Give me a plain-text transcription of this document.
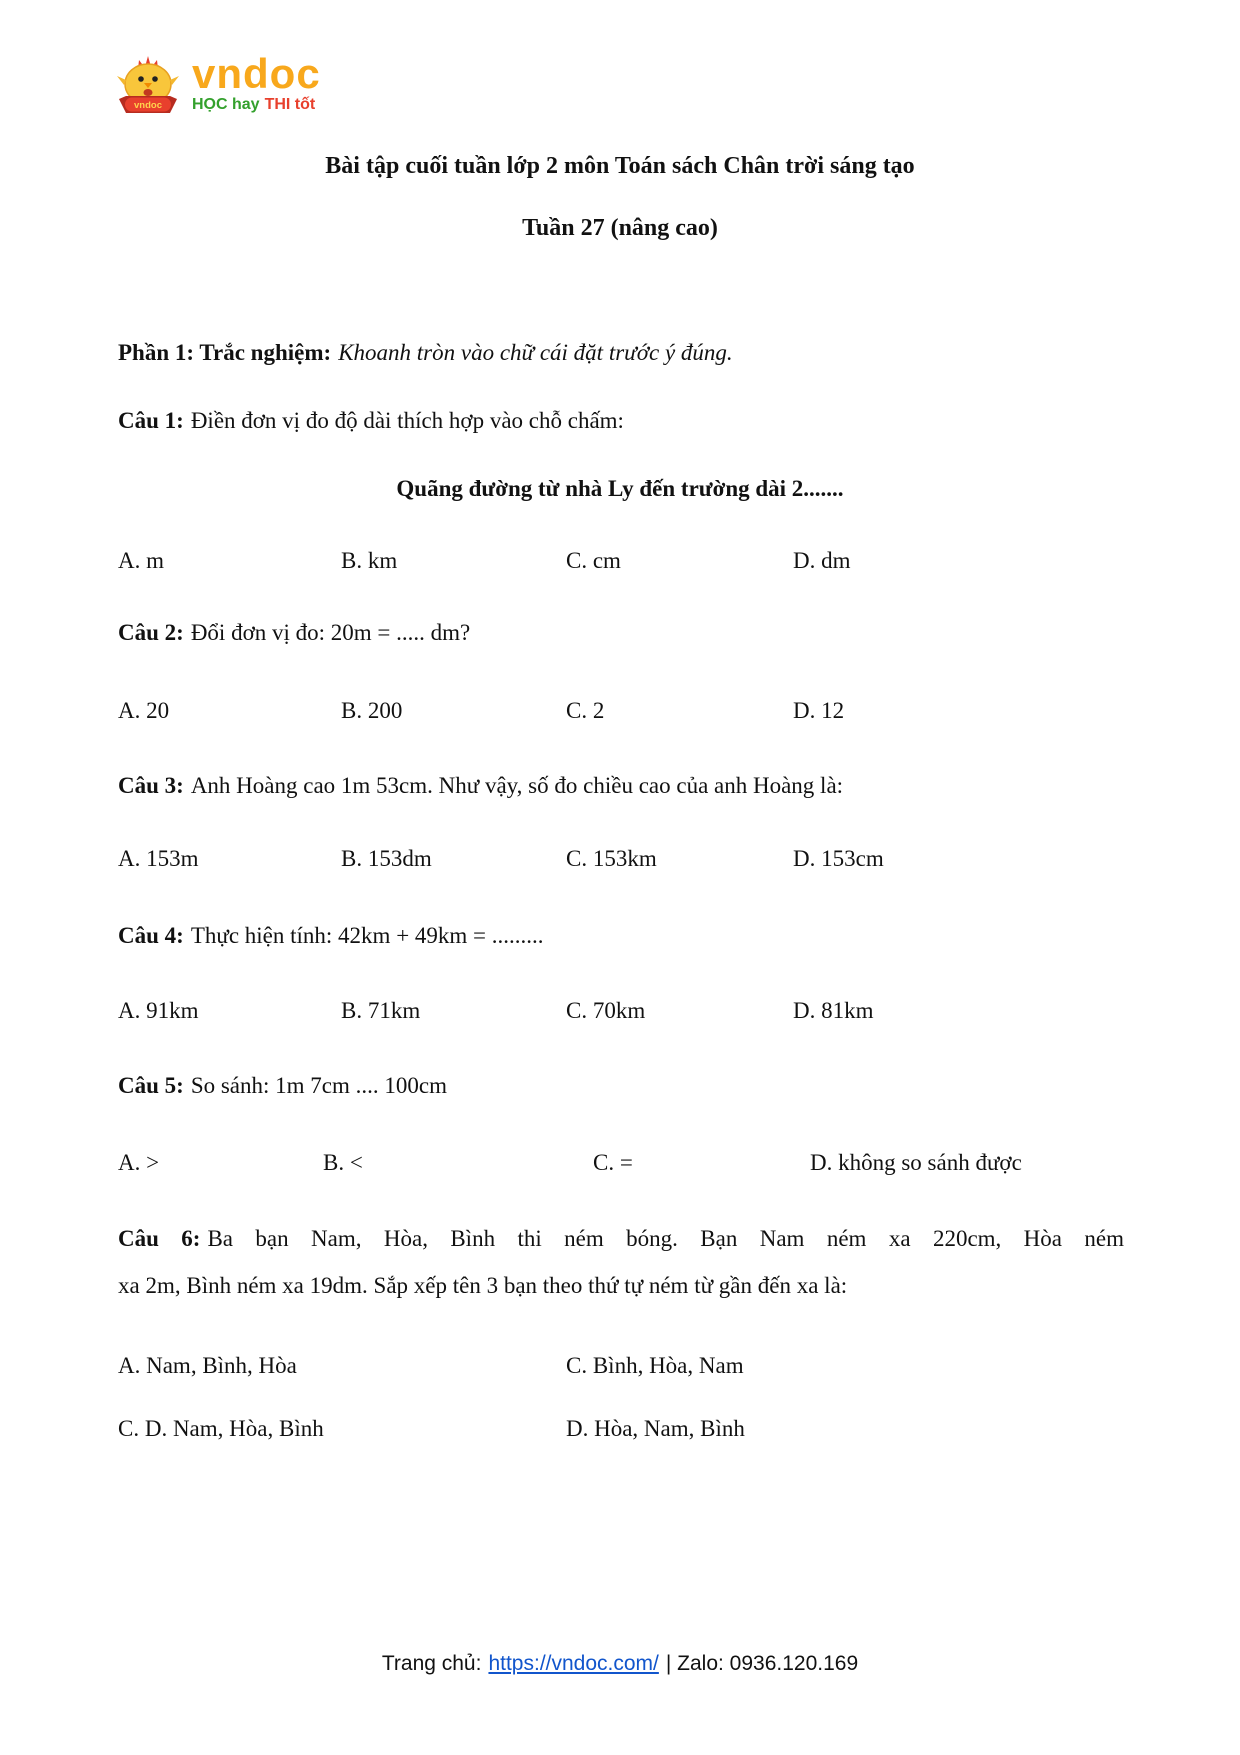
vndoc
vndoc
HỌC hay THI tốt
Bài tập cuối tuần lớp 2 môn Toán sách Chân trời sáng tạo
Tuần 27 (nâng cao)
Phần 1: Trắc nghiệm: Khoanh tròn vào chữ cái đặt trước ý đúng.
Câu 1: Điền đơn vị đo độ dài thích hợp vào chỗ chấm:
Quãng đường từ nhà Ly đến trường dài 2.......
A. m	B. km	C. cm	D. dm
Câu 2: Đổi đơn vị đo: 20m = ..... dm?
A. 20	B. 200	C. 2	D. 12
Câu 3: Anh Hoàng cao 1m 53cm. Như vậy, số đo chiều cao của anh Hoàng là:
A. 153m	B. 153dm	C. 153km	D. 153cm
Câu 4: Thực hiện tính: 42km + 49km = .........
A. 91km	B. 71km	C. 70km	D. 81km
Câu 5: So sánh: 1m 7cm .... 100cm
A. >	B. <	C. =	D. không so sánh được
Câu 6: Ba bạn Nam, Hòa, Bình thi ném bóng. Bạn Nam ném xa 220cm, Hòa ném
xa 2m, Bình ném xa 19dm. Sắp xếp tên 3 bạn theo thứ tự ném từ gần đến xa là:
A. Nam, Bình, Hòa	C. Bình, Hòa, Nam
C. D. Nam, Hòa, Bình	D. Hòa, Nam, Bình
Trang chủ: https://vndoc.com/ | Zalo: 0936.120.169
